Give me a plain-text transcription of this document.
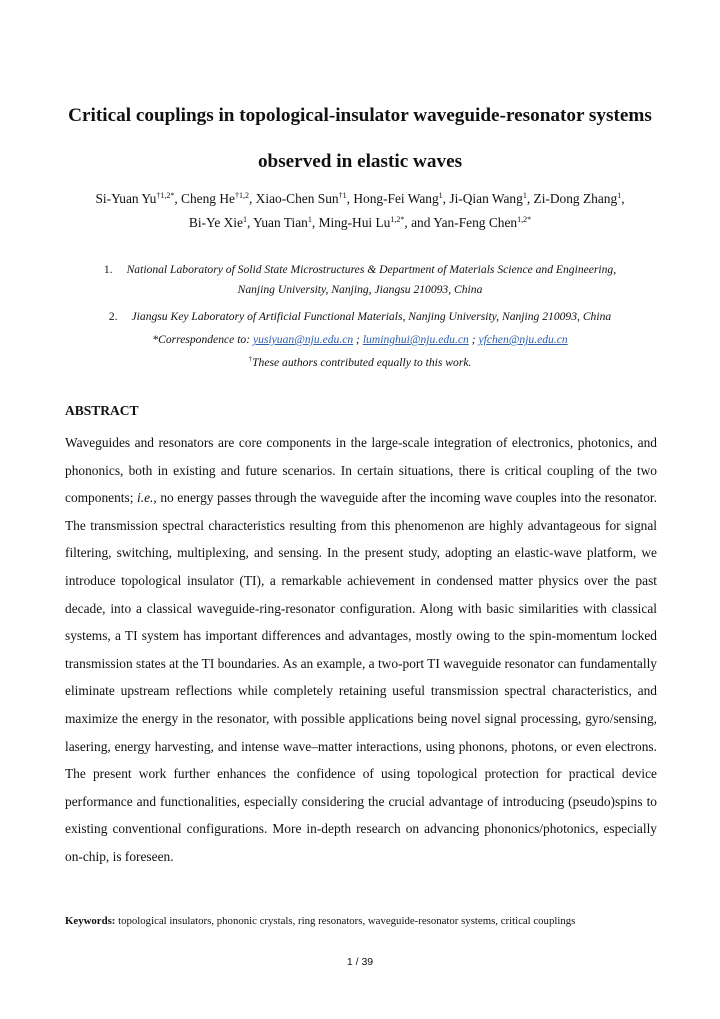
Critical couplings in topological-insulator waveguide-resonator systems observed in elastic waves
Si-Yuan $Yu^{\dagger 1,2*}$, Cheng He$^{\dagger 1,2}$, Xiao-Chen Sun$^{\dagger 1}$, Hong-Fei Wang$^1$, Ji-Qian Wang$^1$, Zi-Dong Zhang$^1$,
Bi-Ye Xie$^1$, Yuan Tian$^1$, Ming-Hui $Lu^{1,2*}$, and Yan-Feng Chen$^{1,2*}$
1. National Laboratory of Solid State Microstructures & Department of Materials Science and Engineering,
Nanjing University, Nanjing, Jiangsu 210093, China
2. Jiangsu Key Laboratory of Artificial Functional Materials, Nanjing University, Nanjing 210093, China
*Correspondence to: yusiyuan@nju.edu.cn ; luminghui@nju.edu.cn ; yfchen@nju.edu.cn
†These authors contributed equally to this work.
ABSTRACT

Waveguides and resonators are core components in the large-scale integration of electronics, photonics, and phononics, both in existing and future scenarios. In certain situations, there is critical coupling of the two components; i.e., no energy passes through the waveguide after the incoming wave couples into the resonator. The transmission spectral characteristics resulting from this phenomenon are highly advantageous for signal filtering, switching, multiplexing, and sensing. In the present study, adopting an elastic-wave platform, we introduce topological insulator (TI), a remarkable achievement in condensed matter physics over the past decade, into a classical waveguide-ring-resonator configuration. Along with basic similarities with classical systems, a TI system has important differences and advantages, mostly owing to the spin-momentum locked transmission states at the TI boundaries. As an example, a two-port TI waveguide resonator can fundamentally eliminate upstream reflections while completely retaining useful transmission spectral characteristics, and maximize the energy in the resonator, with possible applications being novel signal processing, gyro/sensing, lasering, energy harvesting, and intense wave–matter interactions, using phonons, photons, or even electrons. The present work further enhances the confidence of using topological protection for practical device performance and functionalities, especially considering the crucial advantage of introducing (pseudo)spins to existing conventional configurations. More in-depth research on advancing phononics/photonics, especially on-chip, is foreseen.

Keywords: topological insulators, phononic crystals, ring resonators, waveguide-resonator systems, critical couplings
1 / 39
